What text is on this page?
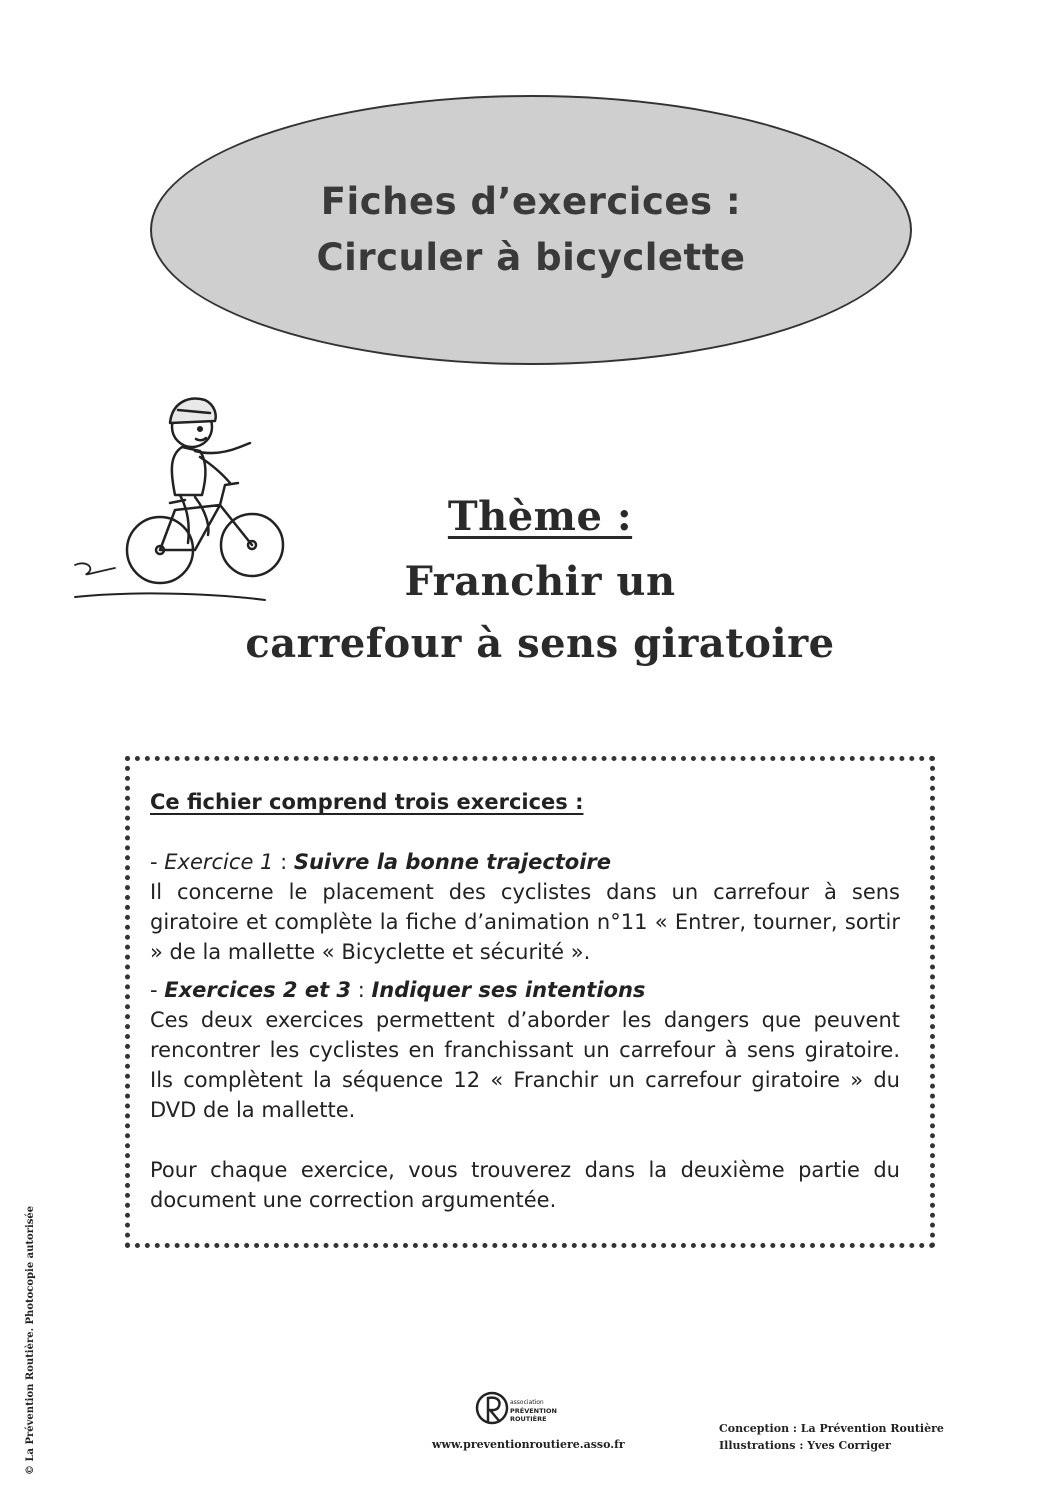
Fiches d’exercices :
Circuler à bicyclette
Thème :
Franchir un
carrefour à sens giratoire

Ce fichier comprend trois exercices :

- Exercice 1 : Suivre la bonne trajectoire

Il concerne le placement des cyclistes dans un carrefour à sens giratoire et complète la fiche d’animation n°11 « Entrer, tourner, sortir » de la mallette « Bicyclette et sécurité ».

- Exercices 2 et 3 : Indiquer ses intentions

Ces deux exercices permettent d’aborder les dangers que peuvent rencontrer les cyclistes en franchissant un carrefour à sens giratoire. Ils complètent la séquence 12 « Franchir un carrefour giratoire » du DVD de la mallette.

Pour chaque exercice, vous trouverez dans la deuxième partie du document une correction argumentée.

© La Prévention Routière. Photocopie autorisée	association
PRÉVENTION
ROUTIÈRE
www.preventionroutiere.asso.fr
Conception : La Prévention Routière
Illustrations : Yves Corriger
